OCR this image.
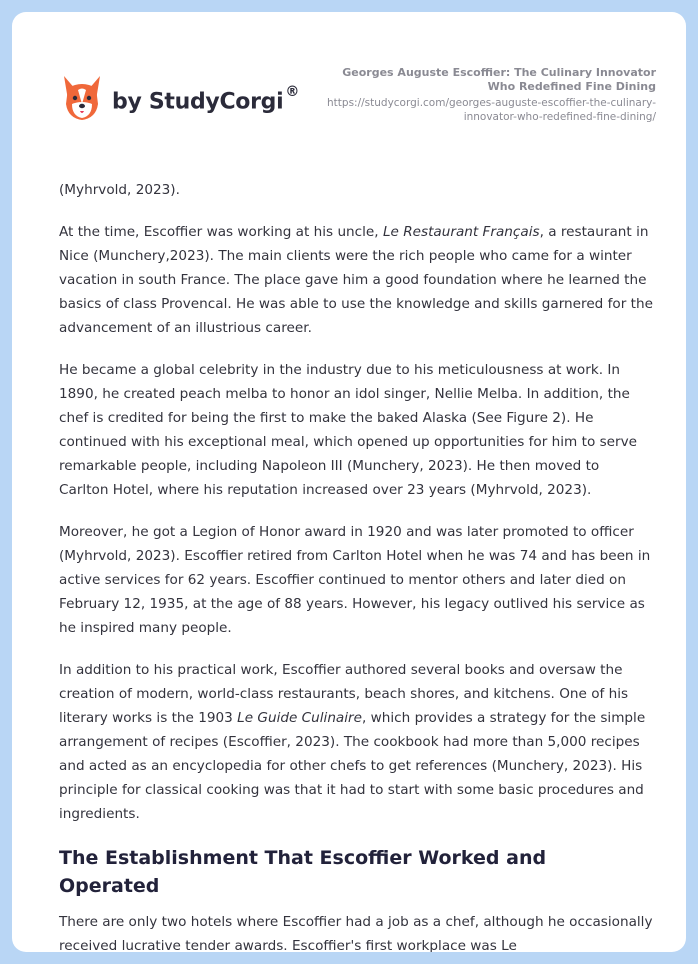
by StudyCorgi ®
Georges Auguste Escoffier: The Culinary Innovator Who Redefined Fine Dining
https://studycorgi.com/georges-auguste-escoffier-the-culinary-innovator-who-redefined-fine-dining/

(Myhrvold, 2023).

At the time, Escoffier was working at his uncle, Le Restaurant Français, a restaurant in Nice (Munchery,2023). The main clients were the rich people who came for a winter vacation in south France. The place gave him a good foundation where he learned the basics of class Provencal. He was able to use the knowledge and skills garnered for the advancement of an illustrious career.

He became a global celebrity in the industry due to his meticulousness at work. In 1890, he created peach melba to honor an idol singer, Nellie Melba. In addition, the chef is credited for being the first to make the baked Alaska (See Figure 2). He continued with his exceptional meal, which opened up opportunities for him to serve remarkable people, including Napoleon III (Munchery, 2023). He then moved to Carlton Hotel, where his reputation increased over 23 years (Myhrvold, 2023).

Moreover, he got a Legion of Honor award in 1920 and was later promoted to officer (Myhrvold, 2023). Escoffier retired from Carlton Hotel when he was 74 and has been in active services for 62 years. Escoffier continued to mentor others and later died on February 12, 1935, at the age of 88 years. However, his legacy outlived his service as he inspired many people.

In addition to his practical work, Escoffier authored several books and oversaw the creation of modern, world-class restaurants, beach shores, and kitchens. One of his literary works is the 1903 Le Guide Culinaire, which provides a strategy for the simple arrangement of recipes (Escoffier, 2023). The cookbook had more than 5,000 recipes and acted as an encyclopedia for other chefs to get references (Munchery, 2023). His principle for classical cooking was that it had to start with some basic procedures and ingredients.

The Establishment That Escoffier Worked and Operated

There are only two hotels where Escoffier had a job as a chef, although he occasionally received lucrative tender awards. Escoffier's first workplace was Le
